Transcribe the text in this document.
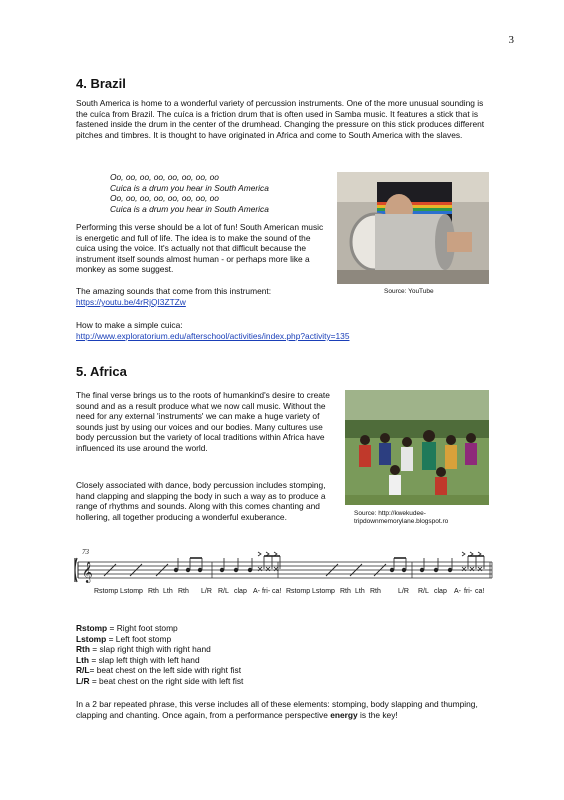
3
4. Brazil

South America is home to a wonderful variety of percussion instruments. One of the more unusual sounding is the cuíca from Brazil. The cuíca is a friction drum that is often used in Samba music. It features a stick that is fastened inside the drum in the center of the drumhead. Changing the pressure on this stick produces different pitches and timbres. It is thought to have originated in Africa and come to South America with the slaves.

Oo, oo, oo, oo, oo, oo, oo, oo
Cuica is a drum you hear in South America
Oo, oo, oo, oo, oo, oo, oo, oo
Cuica is a drum you hear in South America
Source: YouTube

Performing this verse should be a lot of fun! South American music is energetic and full of life. The idea is to make the sound of the cuica using the voice. It's actually not that difficult because the instrument itself sounds almost human - or perhaps more like a monkey as some suggest.

The amazing sounds that come from this instrument:

https://youtu.be/4rRjQI3ZTZw

How to make a simple cuica:

http://www.exploratorium.edu/afterschool/activities/index.php?activity=135
5. Africa

The final verse brings us to the roots of humankind's desire to create sound and as a result produce what we now call music. Without the need for any external 'instruments' we can make a huge variety of sounds just by using our voices and our bodies. Many cultures use body percussion but the variety of local traditions within Africa have influenced its use around the world.

Closely associated with dance, body percussion includes stomping, hand clapping and slapping the body in such a way as to produce a range of rhythms and sounds. Along with this comes chanting and hollering, all together producing a wonderful exuberance.	Source: http://kwekudee-
tripdownmemorylane.blogspot.ro
73
𝄞
Rstomp Lstomp Rth Lth Rth L/R R/L clap A- fri- ca! Rstomp Lstomp Rth Lth Rth L/R R/L clap A- fri- ca!
Rstomp = Right foot stomp
Lstomp = Left foot stomp
Rth = slap right thigh with right hand
Lth = slap left thigh with left hand
R/L= beat chest on the left side with right fist
L/R = beat chest on the right side with left fist

In a 2 bar repeated phrase, this verse includes all of these elements: stomping, body slapping and thumping, clapping and chanting. Once again, from a performance perspective energy is the key!
